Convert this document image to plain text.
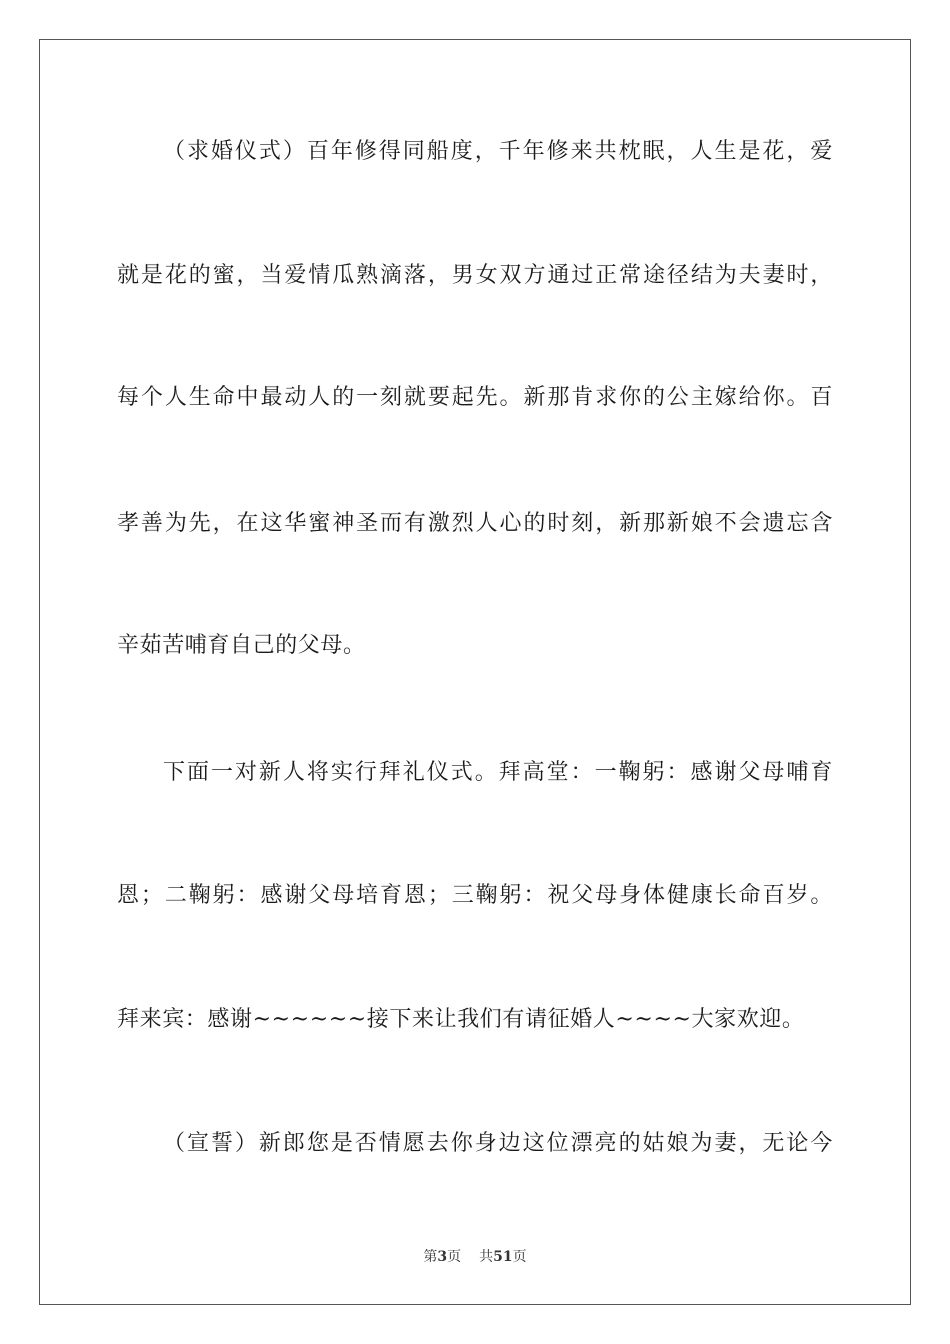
（求婚仪式）百年修得同船度，千年修来共枕眠，人生是花，爱
就是花的蜜，当爱情瓜熟滴落，男女双方通过正常途径结为夫妻时，
每个人生命中最动人的一刻就要起先。新那肯求你的公主嫁给你。百
孝善为先，在这华蜜神圣而有激烈人心的时刻，新那新娘不会遗忘含
辛茹苦哺育自己的父母。
下面一对新人将实行拜礼仪式。拜高堂：一鞠躬：感谢父母哺育
恩；二鞠躬：感谢父母培育恩；三鞠躬：祝父母身体健康长命百岁。
拜来宾：感谢~~~~~~接下来让我们有请征婚人~~~~大家欢迎。
（宣誓）新郎您是否情愿去你身边这位漂亮的姑娘为妻，无论今
第3页 共51页
